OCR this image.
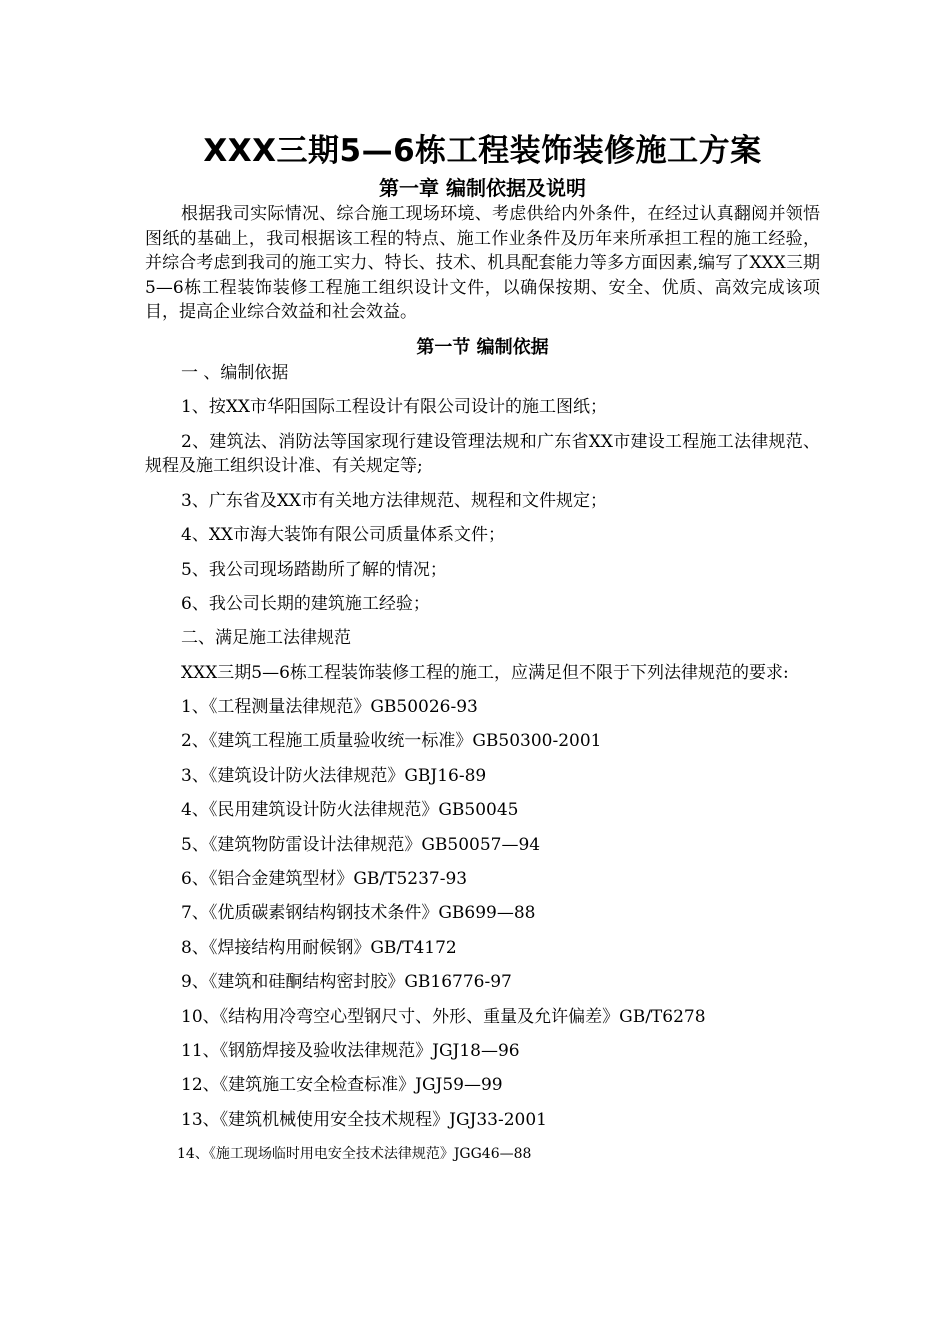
XXX三期5—6栋工程装饰装修施工方案
第一章 编制依据及说明

根据我司实际情况、综合施工现场环境、考虑供给内外条件，在经过认真翻阅并领悟图纸的基础上，我司根据该工程的特点、施工作业条件及历年来所承担工程的施工经验，并综合考虑到我司的施工实力、特长、技术、机具配套能力等多方面因素,编写了XXX三期5—6栋工程装饰装修工程施工组织设计文件，以确保按期、安全、优质、高效完成该项目，提高企业综合效益和社会效益。

第一节 编制依据

一 、编制依据

1、按XX市华阳国际工程设计有限公司设计的施工图纸；

2、建筑法、消防法等国家现行建设管理法规和广东省XX市建设工程施工法律规范、规程及施工组织设计准、有关规定等;

3、广东省及XX市有关地方法律规范、规程和文件规定；

4、XX市海大装饰有限公司质量体系文件；

5、我公司现场踏勘所了解的情况；

6、我公司长期的建筑施工经验；

二、满足施工法律规范

XXX三期5—6栋工程装饰装修工程的施工，应满足但不限于下列法律规范的要求:

1、《工程测量法律规范》GB50026-93

2、《建筑工程施工质量验收统一标准》GB50300-2001

3、《建筑设计防火法律规范》GBJ16-89

4、《民用建筑设计防火法律规范》GB50045

5、《建筑物防雷设计法律规范》GB50057—94

6、《铝合金建筑型材》GB/T5237-93

7、《优质碳素钢结构钢技术条件》GB699—88

8、《焊接结构用耐候钢》GB/T4172

9、《建筑和硅酮结构密封胶》GB16776-97

10、《结构用冷弯空心型钢尺寸、外形、重量及允许偏差》GB/T6278

11、《钢筋焊接及验收法律规范》JGJ18—96

12、《建筑施工安全检查标准》JGJ59—99

13、《建筑机械使用安全技术规程》JGJ33-2001

14、《施工现场临时用电安全技术法律规范》JGG46—88
